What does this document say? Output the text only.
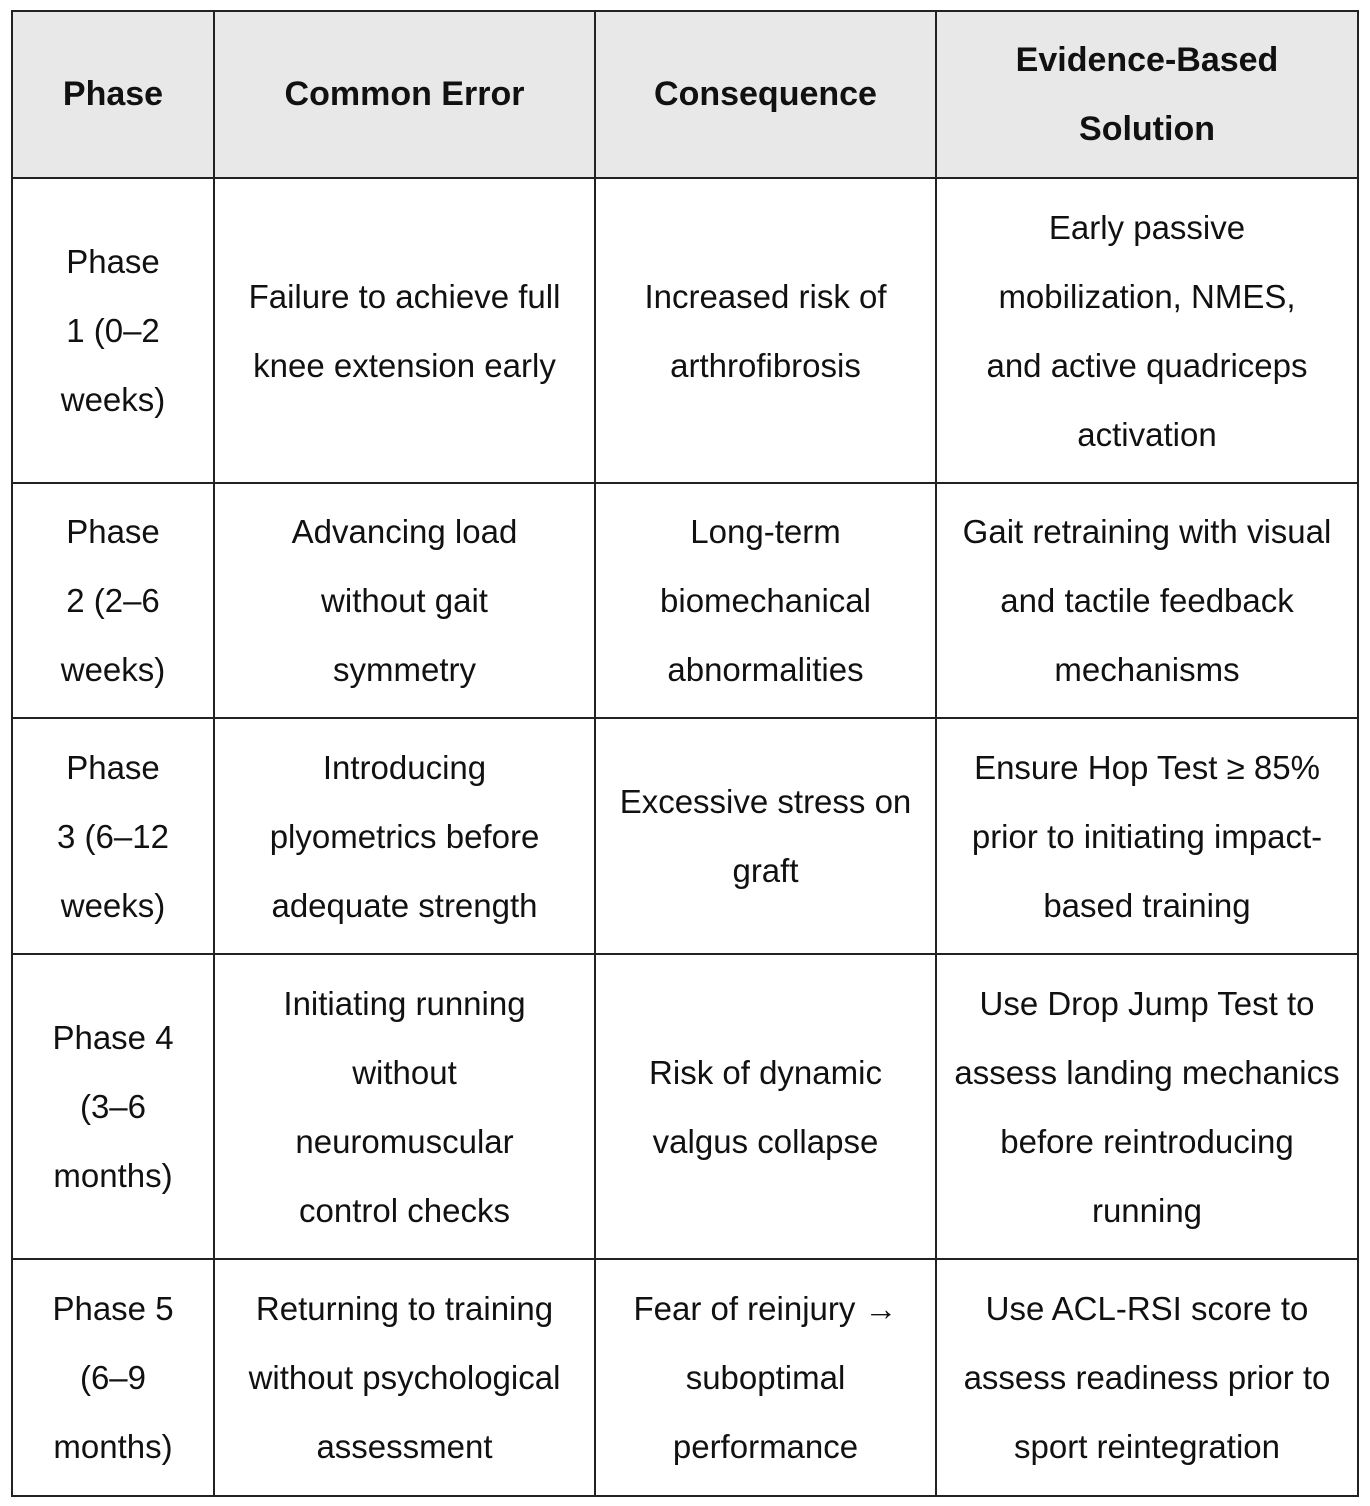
Phase	Common Error	Consequence	Evidence-Based Solution
Phase 1 (0–2 weeks)	Failure to achieve full knee extension early	Increased risk of arthrofibrosis	Early passive mobilization, NMES, and active quadriceps activation
Phase 2 (2–6 weeks)	Advancing load without gait symmetry	Long-term biomechanical abnormalities	Gait retraining with visual and tactile feedback mechanisms
Phase 3 (6–12 weeks)	Introducing plyometrics before adequate strength	Excessive stress on graft	Ensure Hop Test ≥ 85% prior to initiating impact-based training
Phase 4 (3–6 months)	Initiating running without neuromuscular control checks	Risk of dynamic valgus collapse	Use Drop Jump Test to assess landing mechanics before reintroducing running
Phase 5 (6–9 months)	Returning to training without psychological assessment	Fear of reinjury → suboptimal performance	Use ACL-RSI score to assess readiness prior to sport reintegration
